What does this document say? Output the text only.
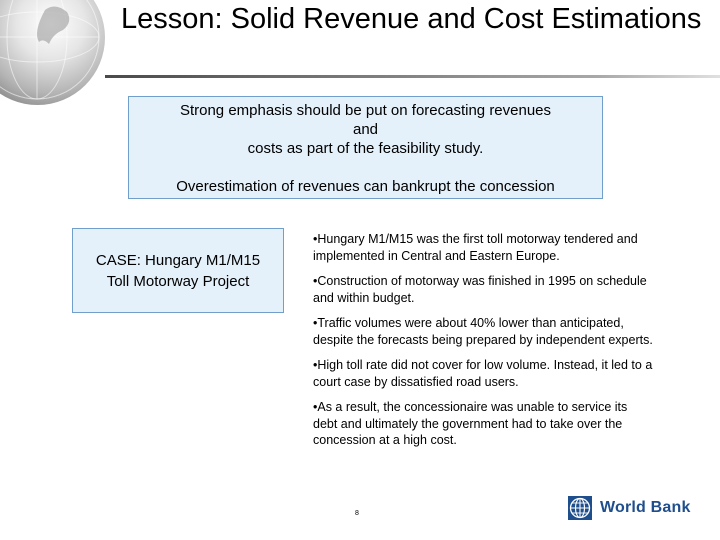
Lesson: Solid Revenue and Cost Estimations
Strong emphasis should be put on forecasting revenues
and
costs as part of the feasibility study.
Overestimation of revenues can bankrupt the concession
CASE: Hungary M1/M15
Toll Motorway Project
•Hungary M1/M15 was the first toll motorway tendered and implemented in Central and Eastern Europe.
•Construction of motorway was finished in 1995 on schedule and within budget.
•Traffic volumes were about 40% lower than anticipated, despite the forecasts being prepared by independent experts.
•High toll rate did not cover for low volume. Instead, it led to a court case by dissatisfied road users.
•As a result, the concessionaire was unable to service its debt and ultimately the government had to take over the concession at a high cost.
8	World Bank
